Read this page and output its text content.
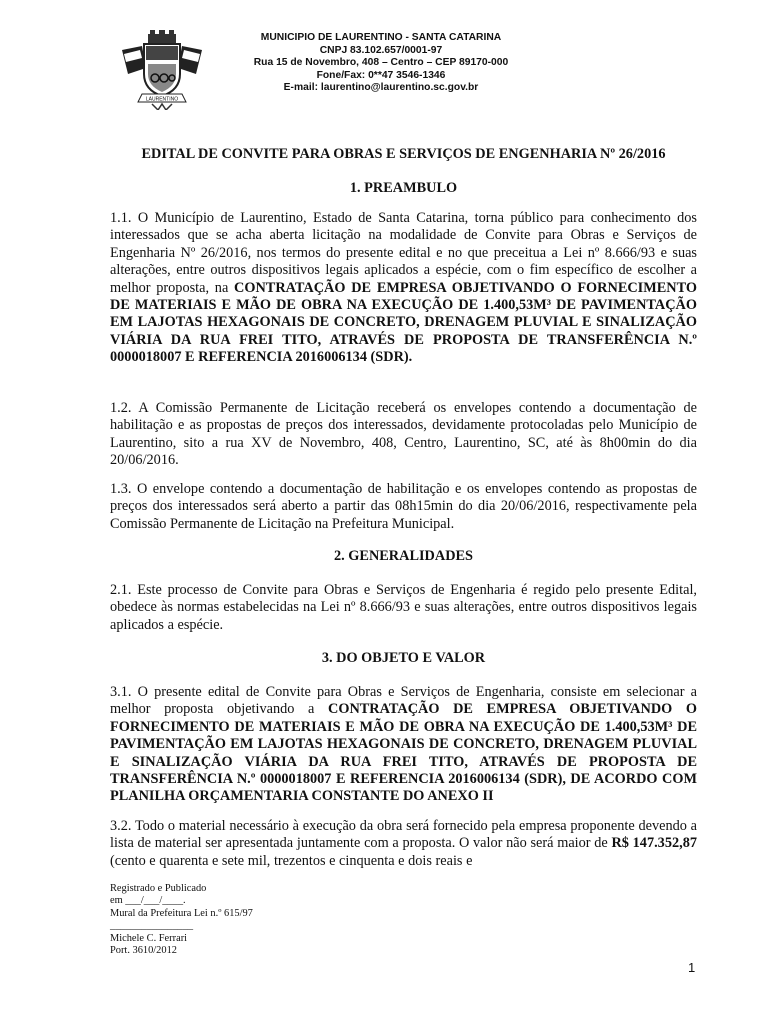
LAURENTINO
MUNICIPIO DE LAURENTINO - SANTA CATARINA
CNPJ 83.102.657/0001-97
Rua 15 de Novembro, 408 – Centro – CEP 89170-000
Fone/Fax: 0**47 3546-1346
E-mail: laurentino@laurentino.sc.gov.br
EDITAL DE CONVITE PARA OBRAS E SERVIÇOS DE ENGENHARIA Nº 26/2016
1. PREAMBULO

1.1. O Município de Laurentino, Estado de Santa Catarina, torna público para conhecimento dos interessados que se acha aberta licitação na modalidade de Convite para Obras e Serviços de Engenharia Nº 26/2016, nos termos do presente edital e no que preceitua a Lei nº 8.666/93 e suas alterações, entre outros dispositivos legais aplicados a espécie, com o fim específico de escolher a melhor proposta, na CONTRATAÇÃO DE EMPRESA OBJETIVANDO O FORNECIMENTO DE MATERIAIS E MÃO DE OBRA NA EXECUÇÃO DE 1.400,53M³ DE PAVIMENTAÇÃO EM LAJOTAS HEXAGONAIS DE CONCRETO, DRENAGEM PLUVIAL E SINALIZAÇÃO VIÁRIA DA RUA FREI TITO, ATRAVÉS DE PROPOSTA DE TRANSFERÊNCIA N.º 0000018007 E REFERENCIA 2016006134 (SDR).

1.2. A Comissão Permanente de Licitação receberá os envelopes contendo a documentação de habilitação e as propostas de preços dos interessados, devidamente protocoladas pelo Município de Laurentino, sito a rua XV de Novembro, 408, Centro, Laurentino, SC, até às 8h00min do dia 20/06/2016.

1.3. O envelope contendo a documentação de habilitação e os envelopes contendo as propostas de preços dos interessados será aberto a partir das 08h15min do dia 20/06/2016, respectivamente pela Comissão Permanente de Licitação na Prefeitura Municipal.

2. GENERALIDADES

2.1. Este processo de Convite para Obras e Serviços de Engenharia é regido pelo presente Edital, obedece às normas estabelecidas na Lei nº 8.666/93 e suas alterações, entre outros dispositivos legais aplicados a espécie.

3. DO OBJETO E VALOR

3.1. O presente edital de Convite para Obras e Serviços de Engenharia, consiste em selecionar a melhor proposta objetivando a CONTRATAÇÃO DE EMPRESA OBJETIVANDO O FORNECIMENTO DE MATERIAIS E MÃO DE OBRA NA EXECUÇÃO DE 1.400,53M³ DE PAVIMENTAÇÃO EM LAJOTAS HEXAGONAIS DE CONCRETO, DRENAGEM PLUVIAL E SINALIZAÇÃO VIÁRIA DA RUA FREI TITO, ATRAVÉS DE PROPOSTA DE TRANSFERÊNCIA N.º 0000018007 E REFERENCIA 2016006134 (SDR), DE ACORDO COM PLANILHA ORÇAMENTARIA CONSTANTE DO ANEXO II

3.2. Todo o material necessário à execução da obra será fornecido pela empresa proponente devendo a lista de material ser apresentada juntamente com a proposta. O valor não será maior de R$ 147.352,87 (cento e quarenta e sete mil, trezentos e cinquenta e dois reais e

Registrado e Publicado
em ___/___/____.
Mural da Prefeitura Lei n.º 615/97
________________
Michele C. Ferrari
Port. 3610/2012
1
